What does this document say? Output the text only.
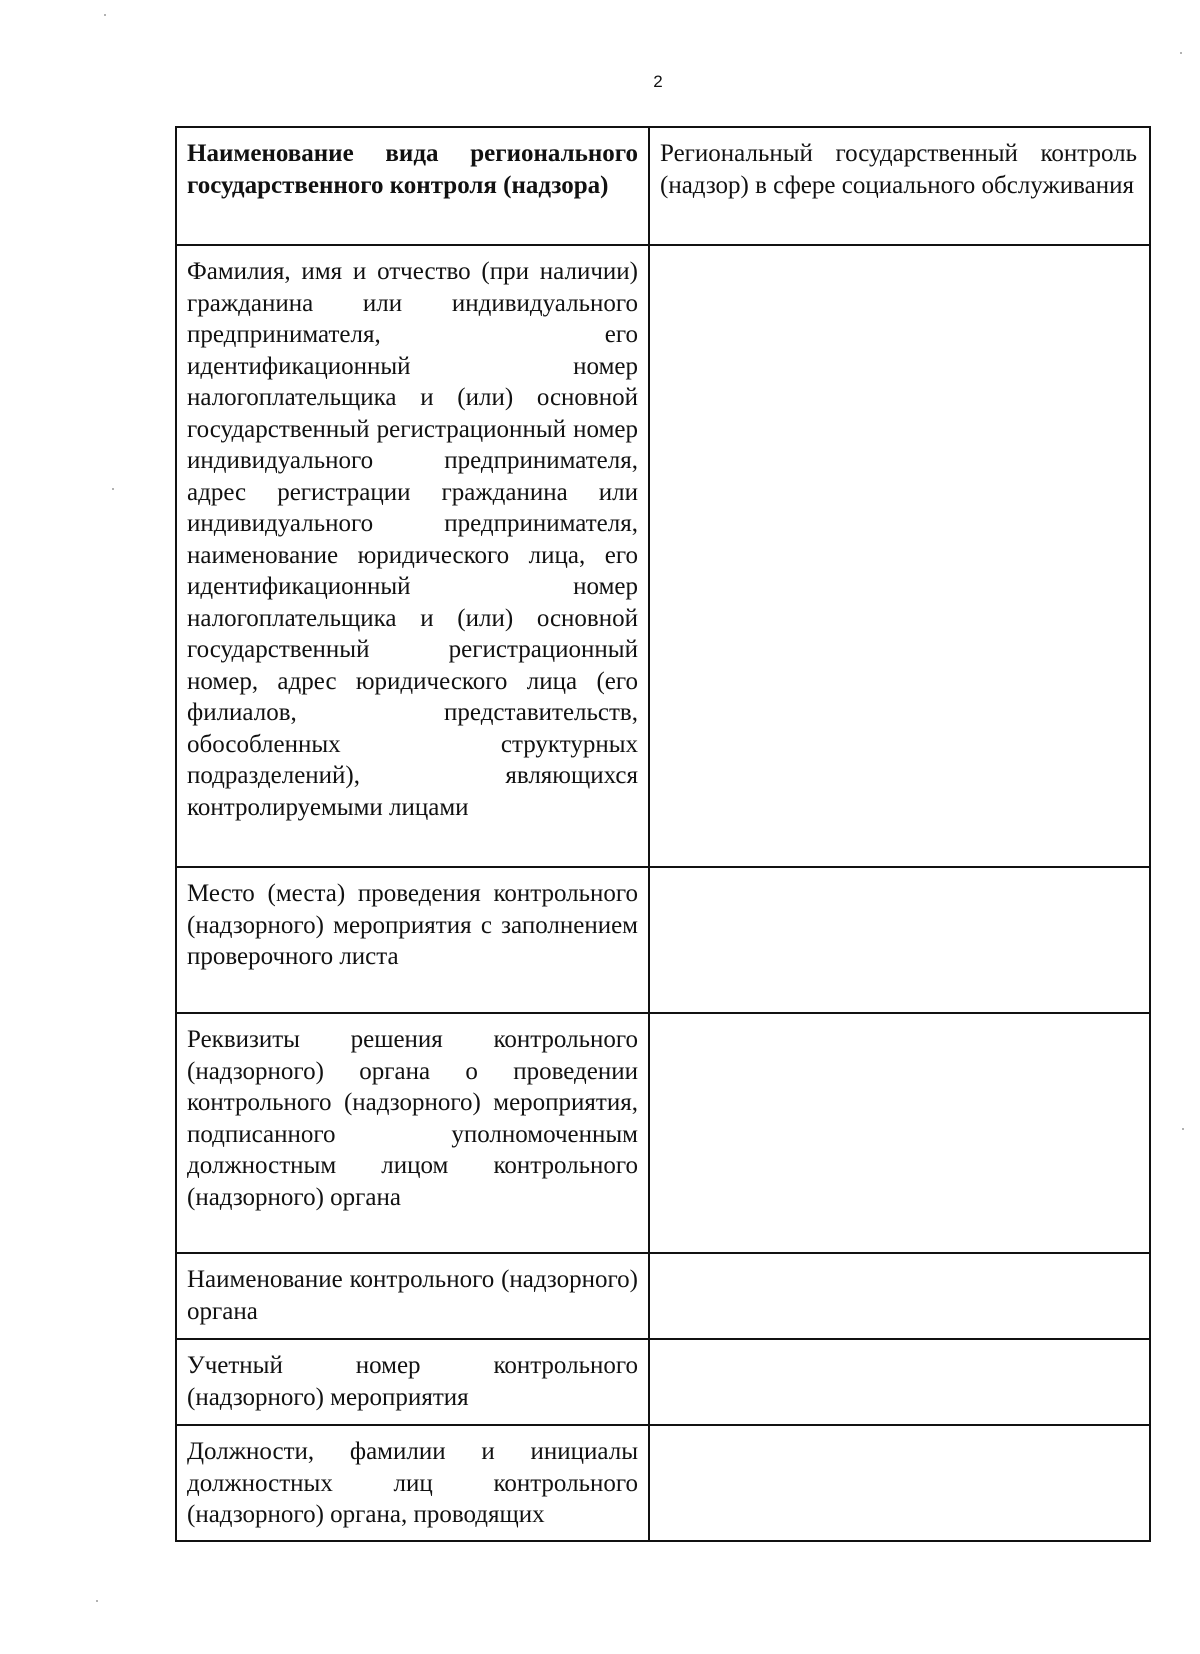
2
Наименование вида регионального государственного контроля (надзора)	Региональный государственный контроль (надзор) в сфере социального обслуживания
Фамилия, имя и отчество (при наличии) гражданина или индивидуального предпринимателя, его идентификационный номер налогоплательщика и (или) основной государственный регистрационный номер индивидуального предпринимателя, адрес регистрации гражданина или индивидуального предпринимателя, наименование юридического лица, его идентификационный номер налогоплательщика и (или) основной государственный регистрационный номер, адрес юридического лица (его филиалов, представительств, обособленных структурных подразделений), являющихся контролируемыми лицами	
Место (места) проведения контрольного (надзорного) мероприятия с заполнением проверочного листа	
Реквизиты решения контрольного (надзорного) органа о проведении контрольного (надзорного) мероприятия, подписанного уполномоченным должностным лицом контрольного (надзорного) органа	
Наименование контрольного (надзорного) органа	
Учетный номер контрольного (надзорного) мероприятия	
Должности, фамилии и инициалы должностных лиц контрольного (надзорного) органа, проводящих	
